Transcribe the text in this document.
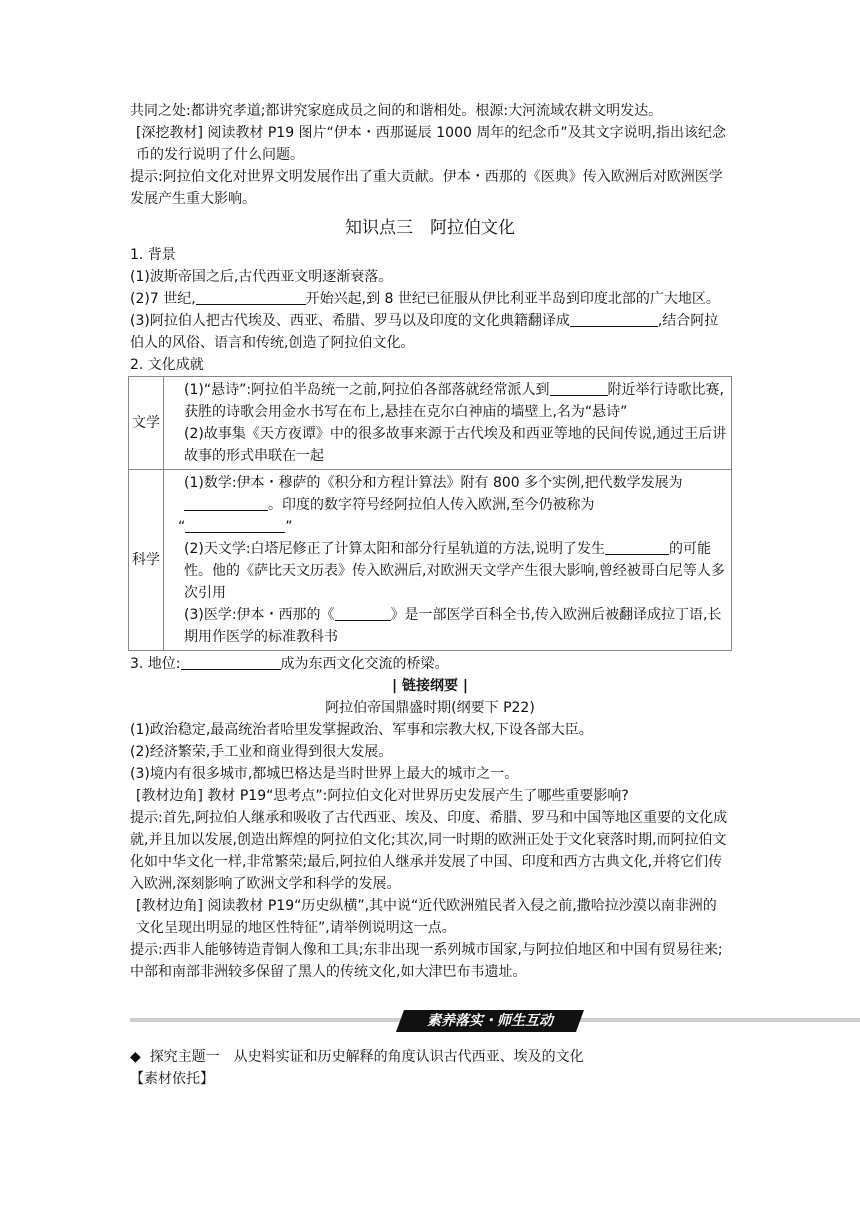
共同之处:都讲究孝道;都讲究家庭成员之间的和谐相处。根源:大河流域农耕文明发达。

[深挖教材] 阅读教材 P19 图片“伊本・西那诞辰 1000 周年的纪念币”及其文字说明,指出该纪念币的发行说明了什么问题。

提示:阿拉伯文化对世界文明发展作出了重大贡献。伊本・西那的《医典》传入欧洲后对欧洲医学发展产生重大影响。

知识点三　阿拉伯文化

1. 背景

(1)波斯帝国之后,古代西亚文明逐渐衰落。

(2)7 世纪,	开始兴起,到 8 世纪已征服从伊比利亚半岛到印度北部的广大地区。

(3)阿拉伯人把古代埃及、西亚、希腊、罗马以及印度的文化典籍翻译成	,结合阿拉伯人的风俗、语言和传统,创造了阿拉伯文化。

2. 文化成就

文学	(1)“悬诗”:阿拉伯半岛统一之前,阿拉伯各部落就经常派人到 附近举行诗歌比赛,获胜的诗歌会用金水书写在布上,悬挂在克尔白神庙的墙壁上,名为“悬诗”
(2)故事集《天方夜谭》中的很多故事来源于古代埃及和西亚等地的民间传说,通过王后讲故事的形式串联在一起

科学	(1)数学:伊本・穆萨的《积分和方程计算法》附有 800 多个实例,把代数学发展为。印度的数字符号经阿拉伯人传入欧洲,至今仍被称为
“ ”
(2)天文学:白塔尼修正了计算太阳和部分行星轨道的方法,说明了发生 的可能性。他的《萨比天文历表》传入欧洲后,对欧洲天文学产生很大影响,曾经被哥白尼等人多次引用
(3)医学:伊本・西那的《 》是一部医学百科全书,传入欧洲后被翻译成拉丁语,长期用作医学的标准教科书

3. 地位:	成为东西文化交流的桥梁。

| 链接纲要 |

阿拉伯帝国鼎盛时期(纲要下 P22)

(1)政治稳定,最高统治者哈里发掌握政治、军事和宗教大权,下设各部大臣。

(2)经济繁荣,手工业和商业得到很大发展。

(3)境内有很多城市,都城巴格达是当时世界上最大的城市之一。

[教材边角] 教材 P19“思考点”:阿拉伯文化对世界历史发展产生了哪些重要影响?

提示:首先,阿拉伯人继承和吸收了古代西亚、埃及、印度、希腊、罗马和中国等地区重要的文化成就,并且加以发展,创造出辉煌的阿拉伯文化;其次,同一时期的欧洲正处于文化衰落时期,而阿拉伯文化如中华文化一样,非常繁荣;最后,阿拉伯人继承并发展了中国、印度和西方古典文化,并将它们传入欧洲,深刻影响了欧洲文学和科学的发展。

[教材边角] 阅读教材 P19“历史纵横”,其中说“近代欧洲殖民者入侵之前,撒哈拉沙漠以南非洲的文化呈现出明显的地区性特征”,请举例说明这一点。

提示:西非人能够铸造青铜人像和工具;东非出现一系列城市国家,与阿拉伯地区和中国有贸易往来;中部和南部非洲较多保留了黑人的传统文化,如大津巴布韦遗址。

素养落实・师生互动

◆ 探究主题一　从史料实证和历史解释的角度认识古代西亚、埃及的文化

【素材依托】
